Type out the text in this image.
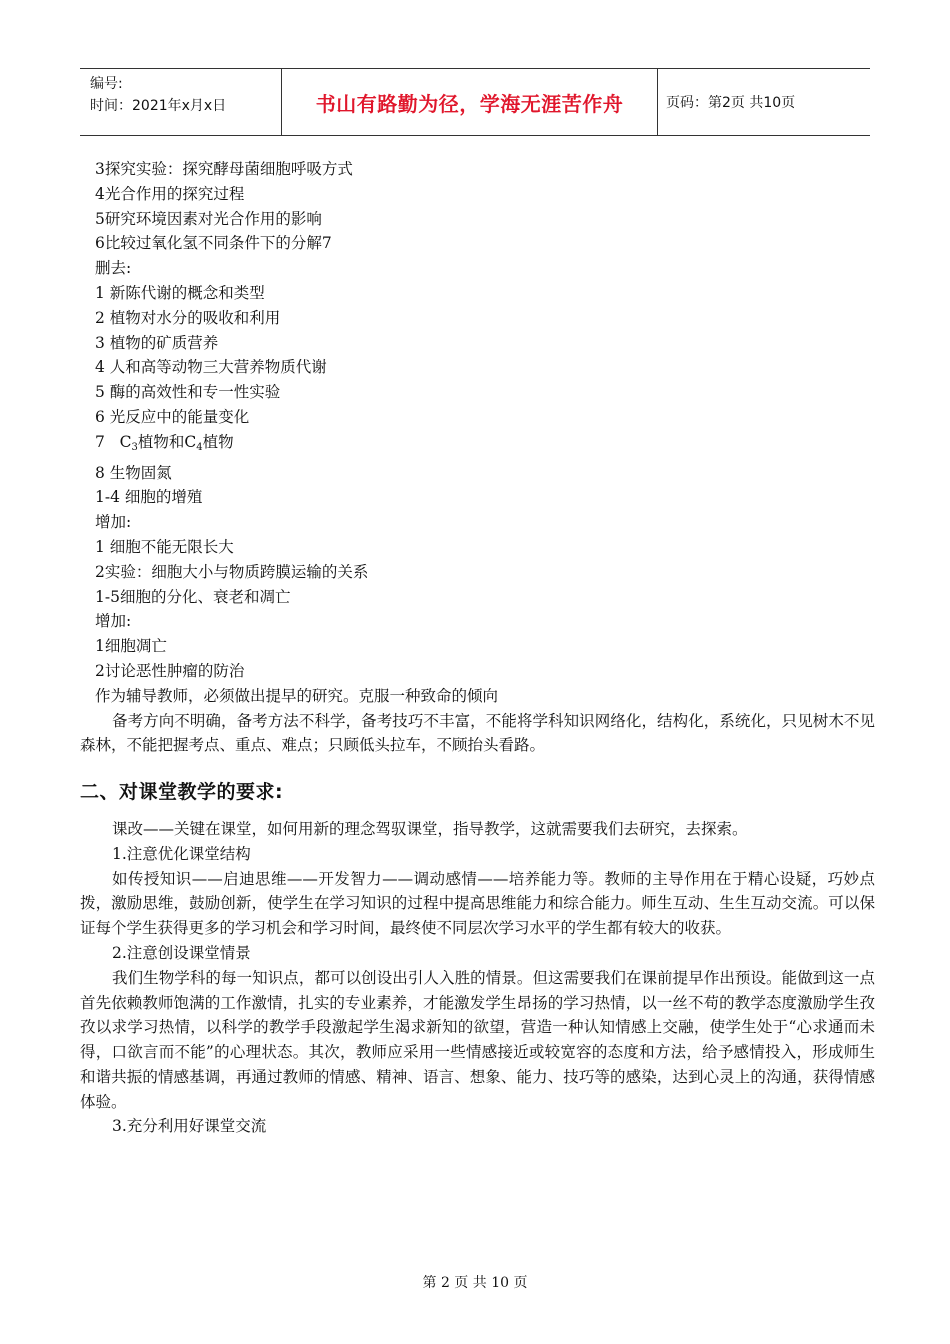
编号:
时间：2021年x月x日	书山有路勤为径，学海无涯苦作舟	页码：第2页 共10页
3探究实验：探究酵母菌细胞呼吸方式
4光合作用的探究过程
5研究环境因素对光合作用的影响
6比较过氧化氢不同条件下的分解7
删去:
1 新陈代谢的概念和类型
2 植物对水分的吸收和利用
3 植物的矿质营养
4 人和高等动物三大营养物质代谢
5 酶的高效性和专一性实验
6 光反应中的能量变化
7   $C_3$植物和$C_4$植物
8 生物固氮
1-4 细胞的增殖
增加:
1 细胞不能无限长大
2实验：细胞大小与物质跨膜运输的关系
1-5细胞的分化、衰老和凋亡
增加:
1细胞凋亡
2讨论恶性肿瘤的防治
作为辅导教师，必须做出提早的研究。克服一种致命的倾向
备考方向不明确，备考方法不科学，备考技巧不丰富，不能将学科知识网络化，结构化，系统化，只见树木不见森林，不能把握考点、重点、难点；只顾低头拉车，不顾抬头看路。
二、对课堂教学的要求:
课改——关键在课堂，如何用新的理念驾驭课堂，指导教学，这就需要我们去研究，去探索。
1.注意优化课堂结构
如传授知识——启迪思维——开发智力——调动感情——培养能力等。教师的主导作用在于精心设疑，巧妙点拨，激励思维，鼓励创新，使学生在学习知识的过程中提高思维能力和综合能力。师生互动、生生互动交流。可以保证每个学生获得更多的学习机会和学习时间，最终使不同层次学习水平的学生都有较大的收获。
2.注意创设课堂情景
我们生物学科的每一知识点，都可以创设出引人入胜的情景。但这需要我们在课前提早作出预设。能做到这一点首先依赖教师饱满的工作激情，扎实的专业素养，才能激发学生昂扬的学习热情，以一丝不苟的教学态度激励学生孜孜以求学习热情，以科学的教学手段激起学生渴求新知的欲望，营造一种认知情感上交融，使学生处于“心求通而未得，口欲言而不能”的心理状态。其次，教师应采用一些情感接近或较宽容的态度和方法，给予感情投入，形成师生和谐共振的情感基调，再通过教师的情感、精神、语言、想象、能力、技巧等的感染，达到心灵上的沟通，获得情感体验。
3.充分利用好课堂交流
第 2 页 共 10 页
